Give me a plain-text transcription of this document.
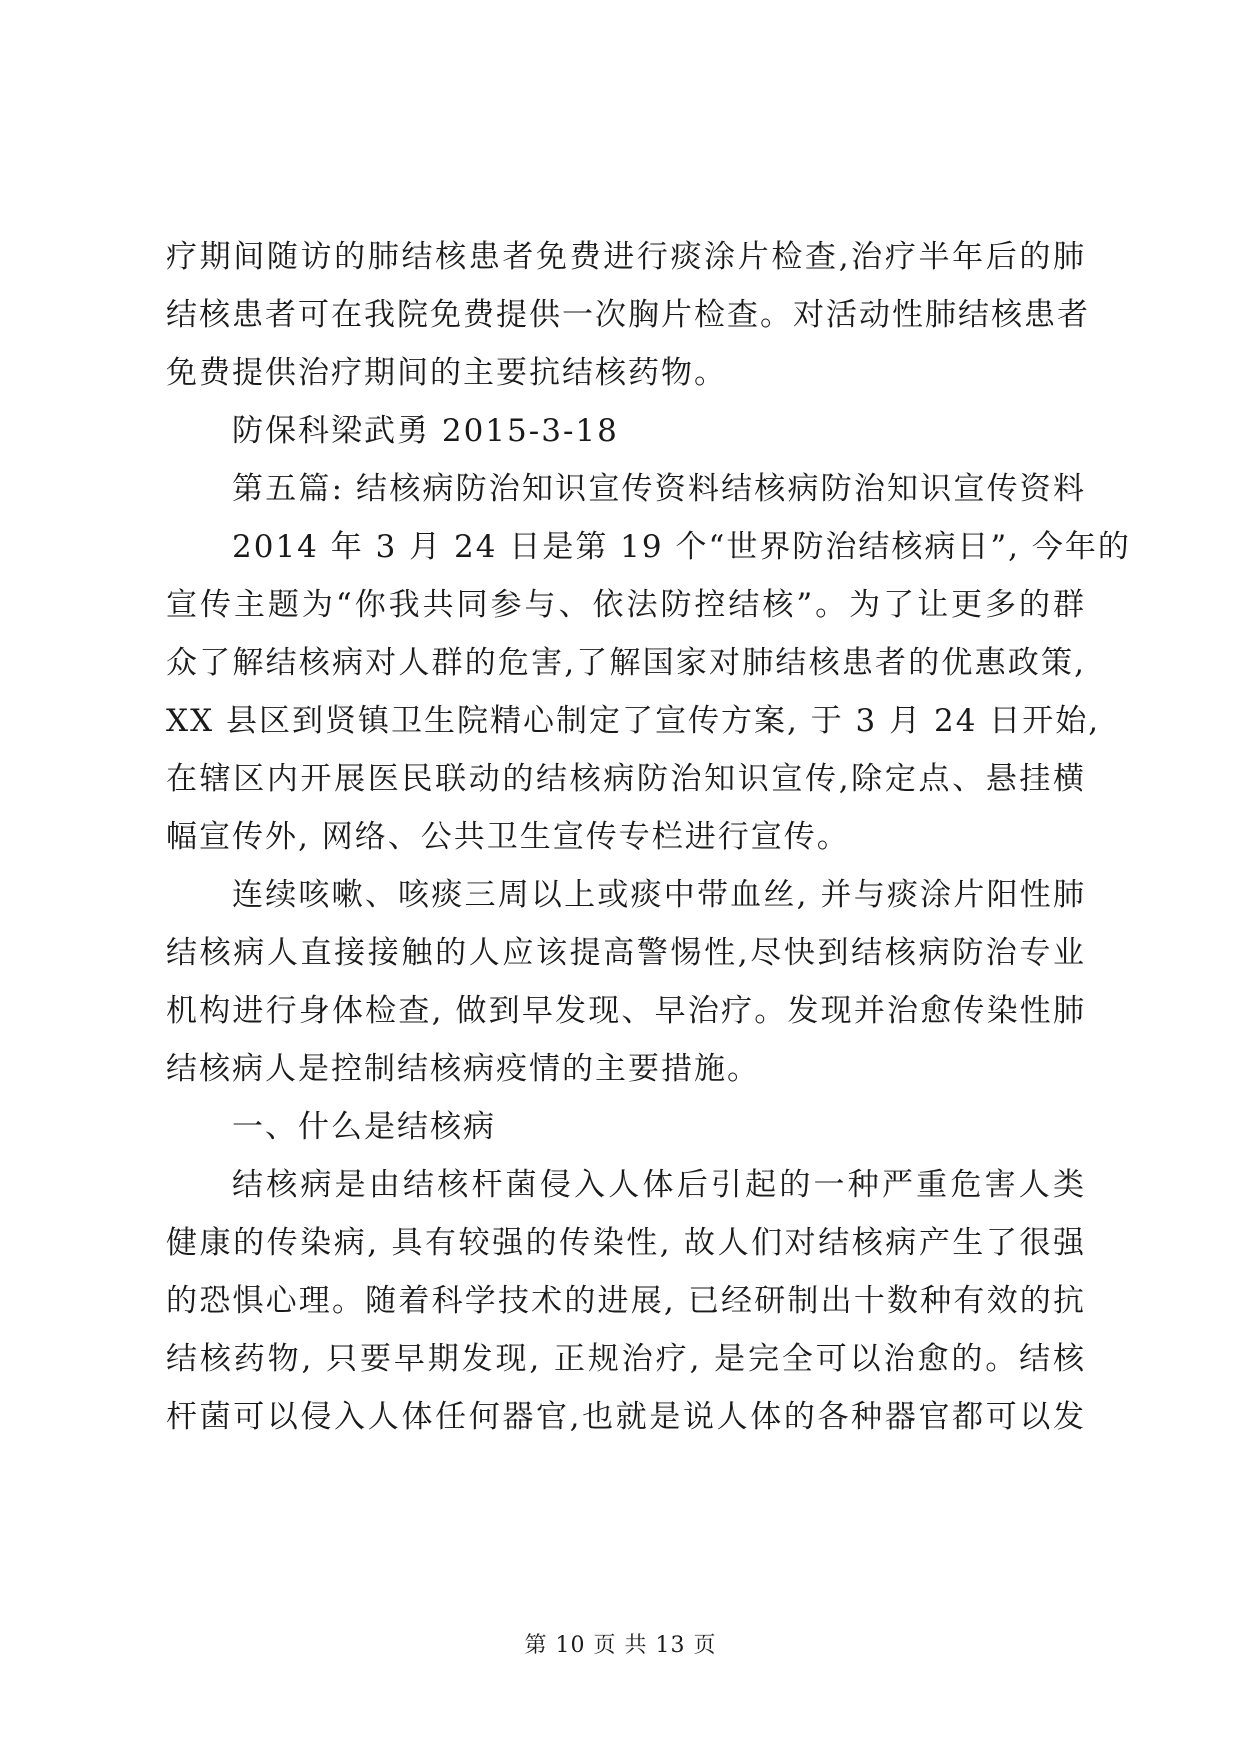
疗期间随访的肺结核患者免费进行痰涂片检查,治疗半年后的肺
结核患者可在我院免费提供一次胸片检查。对活动性肺结核患者
免费提供治疗期间的主要抗结核药物。
防保科梁武勇 2015-3-18
第五篇: 结核病防治知识宣传资料结核病防治知识宣传资料
2014 年 3 月 24 日是第 19 个“世界防治结核病日”, 今年的
宣传主题为“你我共同参与、依法防控结核”。为了让更多的群
众了解结核病对人群的危害,了解国家对肺结核患者的优惠政策,
XX 县区到贤镇卫生院精心制定了宣传方案, 于 3 月 24 日开始,
在辖区内开展医民联动的结核病防治知识宣传,除定点、悬挂横
幅宣传外, 网络、公共卫生宣传专栏进行宣传。
连续咳嗽、咳痰三周以上或痰中带血丝, 并与痰涂片阳性肺
结核病人直接接触的人应该提高警惕性,尽快到结核病防治专业
机构进行身体检查, 做到早发现、早治疗。发现并治愈传染性肺
结核病人是控制结核病疫情的主要措施。
一、什么是结核病
结核病是由结核杆菌侵入人体后引起的一种严重危害人类
健康的传染病, 具有较强的传染性, 故人们对结核病产生了很强
的恐惧心理。随着科学技术的进展, 已经研制出十数种有效的抗
结核药物, 只要早期发现, 正规治疗, 是完全可以治愈的。结核
杆菌可以侵入人体任何器官,也就是说人体的各种器官都可以发
第 10 页 共 13 页
